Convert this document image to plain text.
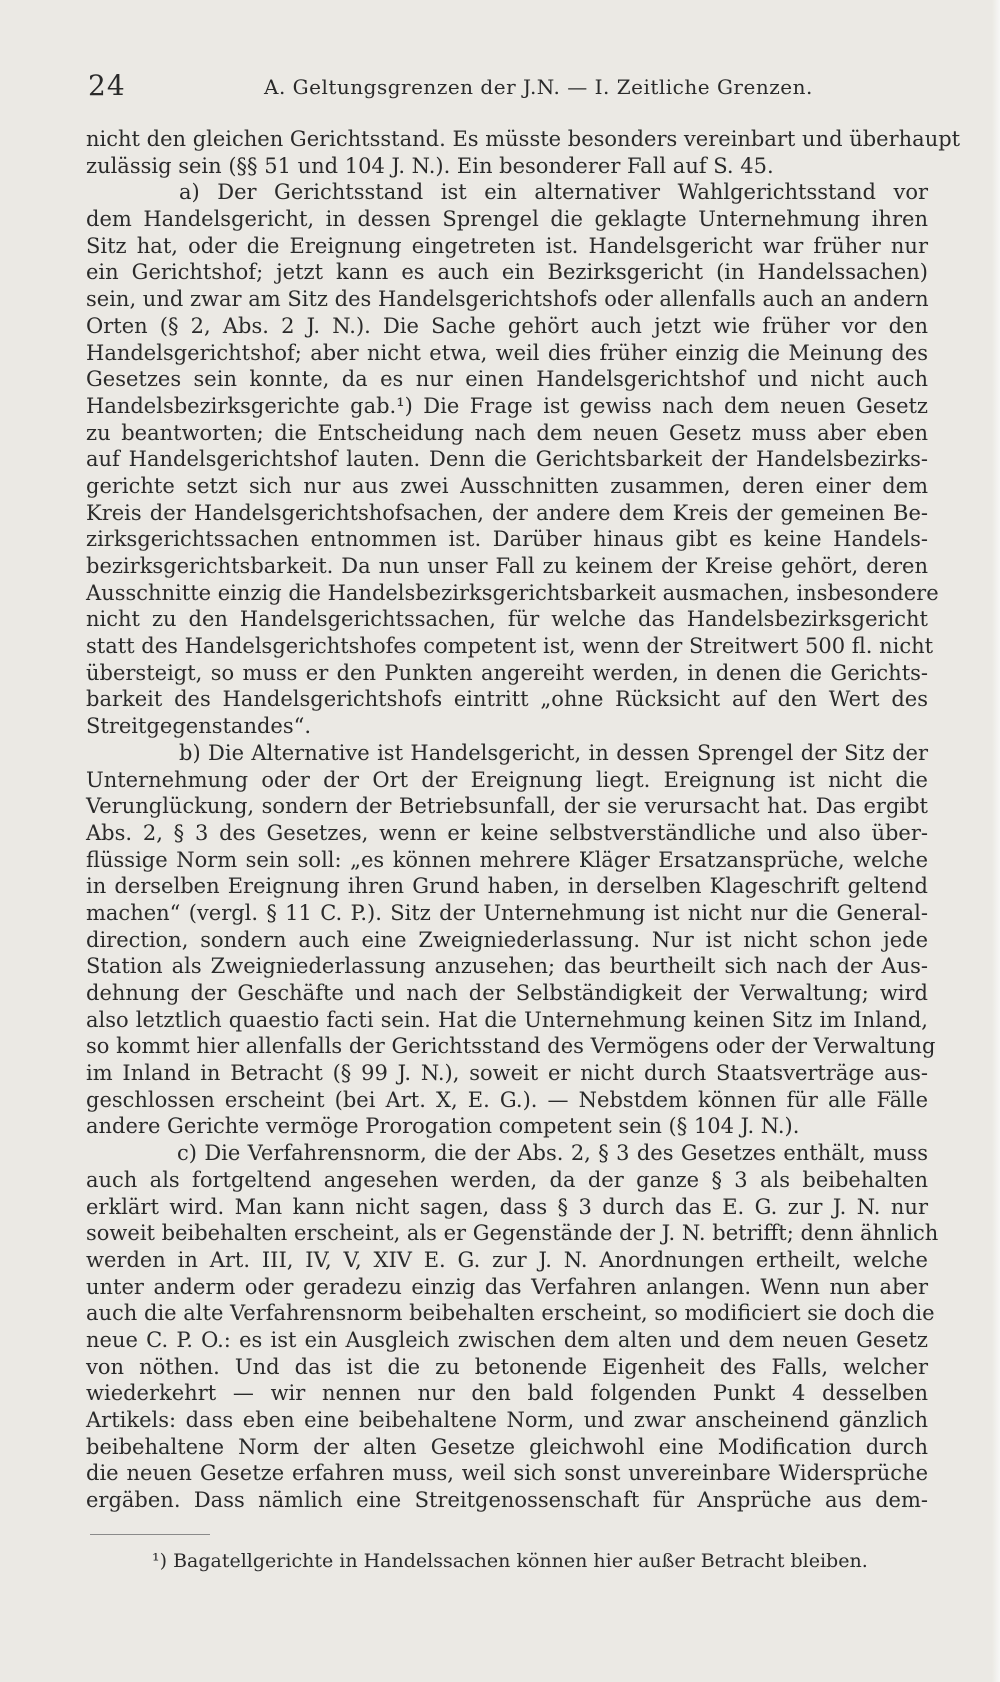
24	A. Geltungsgrenzen der J.N. — I. Zeitliche Grenzen.
nicht den gleichen Gerichtsstand. Es müsste besonders vereinbart und überhaupt
zulässig sein (§§ 51 und 104 J. N.). Ein besonderer Fall auf S. 45.
a) Der Gerichtsstand ist ein alternativer Wahlgerichtsstand vor
dem Handelsgericht, in dessen Sprengel die geklagte Unternehmung ihren
Sitz hat, oder die Ereignung eingetreten ist. Handelsgericht war früher nur
ein Gerichtshof; jetzt kann es auch ein Bezirksgericht (in Handelssachen)
sein, und zwar am Sitz des Handelsgerichtshofs oder allenfalls auch an andern
Orten (§ 2, Abs. 2 J. N.). Die Sache gehört auch jetzt wie früher vor den
Handelsgerichtshof; aber nicht etwa, weil dies früher einzig die Meinung des
Gesetzes sein konnte, da es nur einen Handelsgerichtshof und nicht auch
Handelsbezirksgerichte gab.¹) Die Frage ist gewiss nach dem neuen Gesetz
zu beantworten; die Entscheidung nach dem neuen Gesetz muss aber eben
auf Handelsgerichtshof lauten. Denn die Gerichtsbarkeit der Handelsbezirks-
gerichte setzt sich nur aus zwei Ausschnitten zusammen, deren einer dem
Kreis der Handelsgerichtshofsachen, der andere dem Kreis der gemeinen Be-
zirksgerichtssachen entnommen ist. Darüber hinaus gibt es keine Handels-
bezirksgerichtsbarkeit. Da nun unser Fall zu keinem der Kreise gehört, deren
Ausschnitte einzig die Handelsbezirksgerichtsbarkeit ausmachen, insbesondere
nicht zu den Handelsgerichtssachen, für welche das Handelsbezirksgericht
statt des Handelsgerichtshofes competent ist, wenn der Streitwert 500 fl. nicht
übersteigt, so muss er den Punkten angereiht werden, in denen die Gerichts-
barkeit des Handelsgerichtshofs eintritt „ohne Rücksicht auf den Wert des
Streitgegenstandes“.
b) Die Alternative ist Handelsgericht, in dessen Sprengel der Sitz der
Unternehmung oder der Ort der Ereignung liegt. Ereignung ist nicht die
Verunglückung, sondern der Betriebsunfall, der sie verursacht hat. Das ergibt
Abs. 2, § 3 des Gesetzes, wenn er keine selbstverständliche und also über-
flüssige Norm sein soll: „es können mehrere Kläger Ersatzansprüche, welche
in derselben Ereignung ihren Grund haben, in derselben Klageschrift geltend
machen“ (vergl. § 11 C. P.). Sitz der Unternehmung ist nicht nur die General-
direction, sondern auch eine Zweigniederlassung. Nur ist nicht schon jede
Station als Zweigniederlassung anzusehen; das beurtheilt sich nach der Aus-
dehnung der Geschäfte und nach der Selbständigkeit der Verwaltung; wird
also letztlich quaestio facti sein. Hat die Unternehmung keinen Sitz im Inland,
so kommt hier allenfalls der Gerichtsstand des Vermögens oder der Verwaltung
im Inland in Betracht (§ 99 J. N.), soweit er nicht durch Staatsverträge aus-
geschlossen erscheint (bei Art. X, E. G.). — Nebstdem können für alle Fälle
andere Gerichte vermöge Prorogation competent sein (§ 104 J. N.).
c) Die Verfahrensnorm, die der Abs. 2, § 3 des Gesetzes enthält, muss
auch als fortgeltend angesehen werden, da der ganze § 3 als beibehalten
erklärt wird. Man kann nicht sagen, dass § 3 durch das E. G. zur J. N. nur
soweit beibehalten erscheint, als er Gegenstände der J. N. betrifft; denn ähnlich
werden in Art. III, IV, V, XIV E. G. zur J. N. Anordnungen ertheilt, welche
unter anderm oder geradezu einzig das Verfahren anlangen. Wenn nun aber
auch die alte Verfahrensnorm beibehalten erscheint, so modificiert sie doch die
neue C. P. O.: es ist ein Ausgleich zwischen dem alten und dem neuen Gesetz
von nöthen. Und das ist die zu betonende Eigenheit des Falls, welcher
wiederkehrt — wir nennen nur den bald folgenden Punkt 4 desselben
Artikels: dass eben eine beibehaltene Norm, und zwar anscheinend gänzlich
beibehaltene Norm der alten Gesetze gleichwohl eine Modification durch
die neuen Gesetze erfahren muss, weil sich sonst unvereinbare Widersprüche
ergäben. Dass nämlich eine Streitgenossenschaft für Ansprüche aus dem-
¹) Bagatellgerichte in Handelssachen können hier außer Betracht bleiben.
